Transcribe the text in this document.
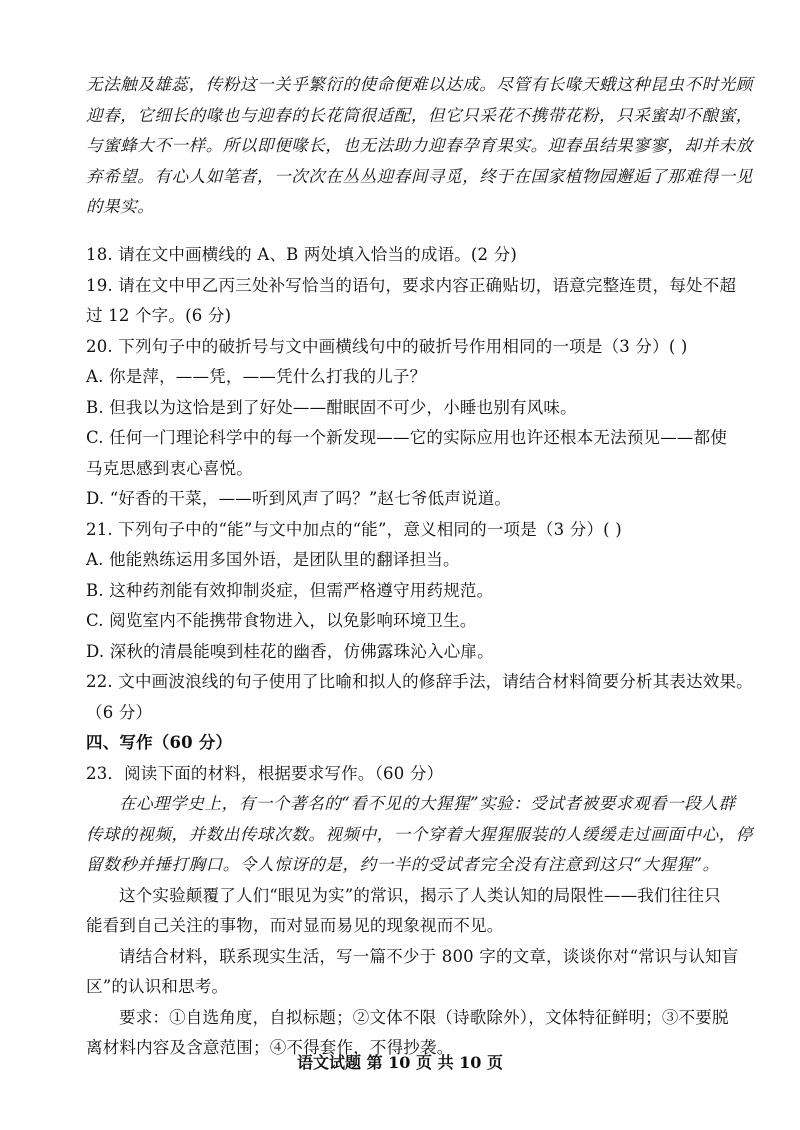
无法触及雄蕊，传粉这一关乎繁衍的使命便难以达成。尽管有长喙天蛾这种昆虫不时光顾
迎春，它细长的喙也与迎春的长花筒很适配，但它只采花不携带花粉，只采蜜却不酿蜜，
与蜜蜂大不一样。所以即便喙长，也无法助力迎春孕育果实。迎春虽结果寥寥，却并未放
弃希望。有心人如笔者，一次次在丛丛迎春间寻觅，终于在国家植物园邂逅了那难得一见
的果实。
18. 请在文中画横线的 A、B 两处填入恰当的成语。(2 分)
19. 请在文中甲乙丙三处补写恰当的语句，要求内容正确贴切，语意完整连贯，每处不超
过 12 个字。(6 分)
20. 下列句子中的破折号与文中画横线句中的破折号作用相同的一项是（3 分）( )
A. 你是萍，——凭，——凭什么打我的儿子？
B. 但我以为这恰是到了好处——酣眠固不可少，小睡也别有风味。
C. 任何一门理论科学中的每一个新发现——它的实际应用也许还根本无法预见——都使
马克思感到衷心喜悦。
D. “好香的干菜，——听到风声了吗？”赵七爷低声说道。
21. 下列句子中的“能”与文中加点的“能”，意义相同的一项是（3 分）( )
A. 他能熟练运用多国外语，是团队里的翻译担当。
B. 这种药剂能有效抑制炎症，但需严格遵守用药规范。
C. 阅览室内不能携带食物进入，以免影响环境卫生。
D. 深秋的清晨能嗅到桂花的幽香，仿佛露珠沁入心扉。
22. 文中画波浪线的句子使用了比喻和拟人的修辞手法，请结合材料简要分析其表达效果。
（6 分）
四、写作（60 分）
23．阅读下面的材料，根据要求写作。（60 分）
在心理学史上，有一个著名的“看不见的大猩猩”实验：受试者被要求观看一段人群
传球的视频，并数出传球次数。视频中，一个穿着大猩猩服装的人缓缓走过画面中心，停
留数秒并捶打胸口。令人惊讶的是，约一半的受试者完全没有注意到这只“大猩猩”。
这个实验颠覆了人们“眼见为实”的常识，揭示了人类认知的局限性——我们往往只
能看到自己关注的事物，而对显而易见的现象视而不见。
请结合材料，联系现实生活，写一篇不少于 800 字的文章，谈谈你对“常识与认知盲
区”的认识和思考。
要求：①自选角度，自拟标题；②文体不限（诗歌除外），文体特征鲜明；③不要脱
离材料内容及含意范围；④不得套作，不得抄袭。
语文试题 第 10 页 共 10 页
